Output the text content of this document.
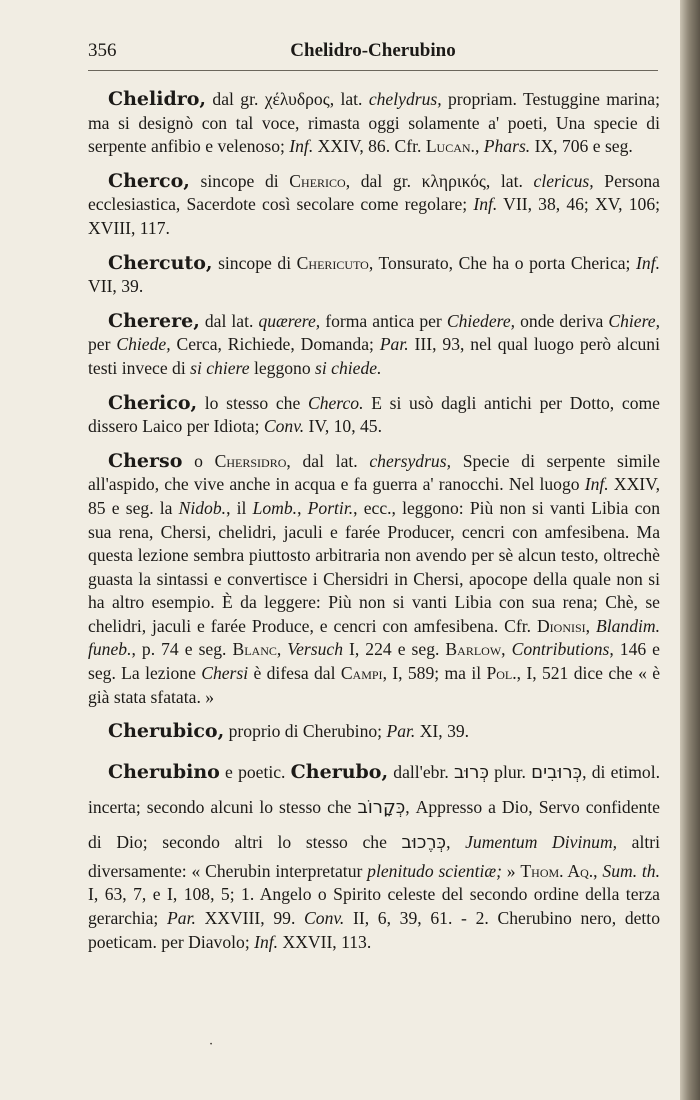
356	Chelidro-Cherubino

Chelidro, dal gr. χέλυδρος, lat. chelydrus, propriam. Testuggine marina; ma si designò con tal voce, rimasta oggi solamente a' poeti, Una specie di serpente anfibio e velenoso; Inf. XXIV, 86. Cfr. Lucan., Phars. IX, 706 e seg.

Cherco, sincope di Cherico, dal gr. κληρικός, lat. clericus, Persona ecclesiastica, Sacerdote così secolare come regolare; Inf. VII, 38, 46; XV, 106; XVIII, 117.

Chercuto, sincope di Chericuto, Tonsurato, Che ha o porta Cherica; Inf. VII, 39.

Cherere, dal lat. quærere, forma antica per Chiedere, onde deriva Chiere, per Chiede, Cerca, Richiede, Domanda; Par. III, 93, nel qual luogo però alcuni testi invece di si chiere leggono si chiede.

Cherico, lo stesso che Cherco. E si usò dagli antichi per Dotto, come dissero Laico per Idiota; Conv. IV, 10, 45.

Cherso o Chersidro, dal lat. chersydrus, Specie di serpente simile all'aspido, che vive anche in acqua e fa guerra a' ranocchi. Nel luogo Inf. XXIV, 85 e seg. la Nidob., il Lomb., Portir., ecc., leggono: Più non si vanti Libia con sua rena, Chersi, chelidri, jaculi e farée Producer, cencri con amfesibena. Ma questa lezione sembra piuttosto arbitraria non avendo per sè alcun testo, oltrechè guasta la sintassi e convertisce i Chersidri in Chersi, apocope della quale non si ha altro esempio. È da leggere: Più non si vanti Libia con sua rena; Chè, se chelidri, jaculi e farée Produce, e cencri con amfesibena. Cfr. Dionisi, Blandim. funeb., p. 74 e seg. Blanc, Versuch I, 224 e seg. Barlow, Contributions, 146 e seg. La lezione Chersi è difesa dal Campi, I, 589; ma il Pol., I, 521 dice che « è già stata sfatata. »

Cherubico, proprio di Cherubino; Par. XI, 39.

Cherubino e poetic. Cherubo, dall'ebr. כְּרוּב plur. כְּרוּבִים, di etimol. incerta; secondo alcuni lo stesso che כְּקָרוֹב, Appresso a Dio, Servo confidente di Dio; secondo altri lo stesso che כְּרֶכוּב, Jumentum Divinum, altri diversamente: « Cherubin interpretatur plenitudo scientiæ; » Thom. Aq., Sum. th. I, 63, 7, e I, 108, 5; 1. Angelo o Spirito celeste del secondo ordine della terza gerarchia; Par. XXVIII, 99. Conv. II, 6, 39, 61. - 2. Cherubino nero, detto poeticam. per Diavolo; Inf. XXVII, 113.

·
